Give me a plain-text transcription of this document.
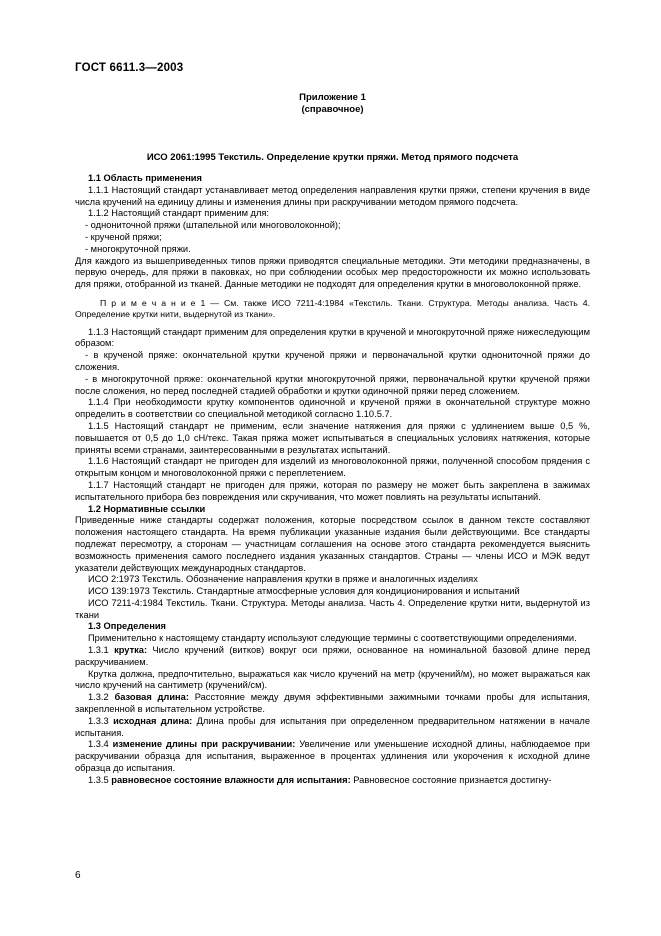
ГОСТ 6611.3—2003
Приложение 1
(справочное)
ИСО 2061:1995 Текстиль. Определение крутки пряжи. Метод прямого подсчета

1.1 Область применения

1.1.1 Настоящий стандарт устанавливает метод определения направления крутки пряжи, степени кручения в виде числа кручений на единицу длины и изменения длины при раскручивании методом прямого подсчета.

1.1.2 Настоящий стандарт применим для:

- однониточной пряжи (штапельной или многоволоконной);

- крученой пряжи;

- многокруточной пряжи.

Для каждого из вышеприведенных типов пряжи приводятся специальные методики. Эти методики предназначены, в первую очередь, для пряжи в паковках, но при соблюдении особых мер предосторожности их можно использовать для пряжи, отобранной из тканей. Данные методики не подходят для определения крутки в многоволоконной пряже.

П р и м е ч а н и е 1 — См. также ИСО 7211-4:1984 «Текстиль. Ткани. Структура. Методы анализа. Часть 4. Определение крутки нити, выдернутой из ткани».

1.1.3 Настоящий стандарт применим для определения крутки в крученой и многокруточной пряже нижеследующим образом:

- в крученой пряже: окончательной крутки крученой пряжи и первоначальной крутки однониточной пряжи до сложения.

- в многокруточной пряже: окончательной крутки многокруточной пряжи, первоначальной крутки крученой пряжи после сложения, но перед последней стадией обработки и крутки одиночной пряжи перед сложением.

1.1.4 При необходимости крутку компонентов одиночной и крученой пряжи в окончательной структуре можно определить в соответствии со специальной методикой согласно 1.10.5.7.

1.1.5 Настоящий стандарт не применим, если значение натяжения для пряжи с удлинением выше 0,5 %, повышается от 0,5 до 1,0 сН/текс. Такая пряжа может испытываться в специальных условиях натяжения, которые приняты всеми странами, заинтересованными в результатах испытаний.

1.1.6 Настоящий стандарт не пригоден для изделий из многоволоконной пряжи, полученной способом прядения с открытым концом и многоволоконной пряжи с переплетением.

1.1.7 Настоящий стандарт не пригоден для пряжи, которая по размеру не может быть закреплена в зажимах испытательного прибора без повреждения или скручивания, что может повлиять на результаты испытаний.

1.2 Нормативные ссылки

Приведенные ниже стандарты содержат положения, которые посредством ссылок в данном тексте составляют положения настоящего стандарта. На время публикации указанные издания были действующими. Все стандарты подлежат пересмотру, а сторонам — участницам соглашения на основе этого стандарта рекомендуется выяснить возможность применения самого последнего издания указанных стандартов. Страны — члены ИСО и МЭК ведут указатели действующих международных стандартов.

ИСО 2:1973 Текстиль. Обозначение направления крутки в пряже и аналогичных изделиях

ИСО 139:1973 Текстиль. Стандартные атмосферные условия для кондиционирования и испытаний

ИСО 7211-4:1984 Текстиль. Ткани. Структура. Методы анализа. Часть 4. Определение крутки нити, выдернутой из ткани

1.3 Определения

Применительно к настоящему стандарту используют следующие термины с соответствующими определениями.

1.3.1 крутка: Число кручений (витков) вокруг оси пряжи, основанное на номинальной базовой длине перед раскручиванием.

Крутка должна, предпочтительно, выражаться как число кручений на метр (кручений/м), но может выражаться как число кручений на сантиметр (кручений/см).

1.3.2 базовая длина: Расстояние между двумя эффективными зажимными точками пробы для испытания, закрепленной в испытательном устройстве.

1.3.3 исходная длина: Длина пробы для испытания при определенном предварительном натяжении в начале испытания.

1.3.4 изменение длины при раскручивании: Увеличение или уменьшение исходной длины, наблюдаемое при раскручивании образца для испытания, выраженное в процентах удлинения или укорочения к исходной длине образца до испытания.

1.3.5 равновесное состояние влажности для испытания: Равновесное состояние признается достигну-

6
